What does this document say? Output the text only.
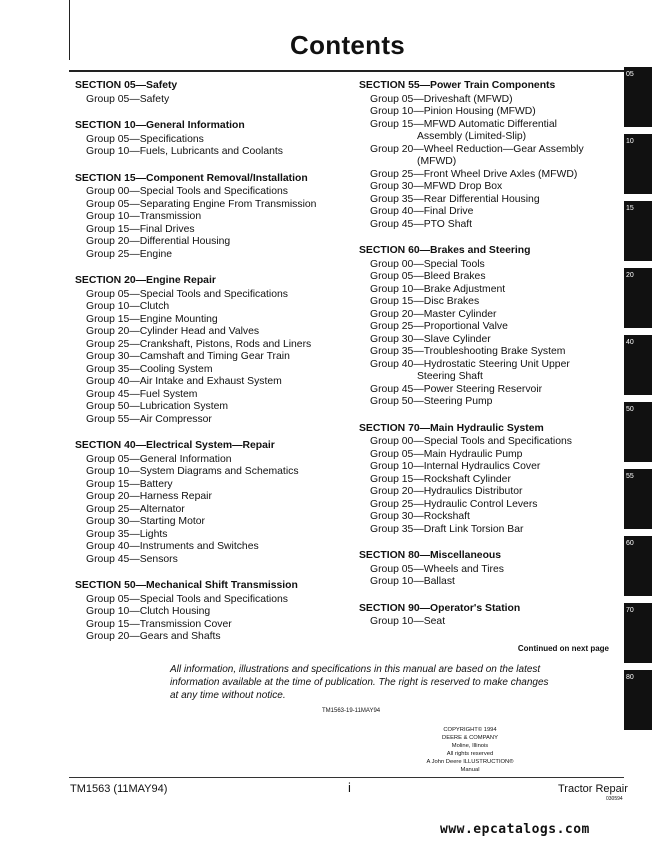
Contents
SECTION 05—Safety
Group 05—Safety
SECTION 10—General Information
Group 05—Specifications
Group 10—Fuels, Lubricants and Coolants
SECTION 15—Component Removal/Installation
Group 00—Special Tools and Specifications
Group 05—Separating Engine From Transmission
Group 10—Transmission
Group 15—Final Drives
Group 20—Differential Housing
Group 25—Engine
SECTION 20—Engine Repair
Group 05—Special Tools and Specifications
Group 10—Clutch
Group 15—Engine Mounting
Group 20—Cylinder Head and Valves
Group 25—Crankshaft, Pistons, Rods and Liners
Group 30—Camshaft and Timing Gear Train
Group 35—Cooling System
Group 40—Air Intake and Exhaust System
Group 45—Fuel System
Group 50—Lubrication System
Group 55—Air Compressor
SECTION 40—Electrical System—Repair
Group 05—General Information
Group 10—System Diagrams and Schematics
Group 15—Battery
Group 20—Harness Repair
Group 25—Alternator
Group 30—Starting Motor
Group 35—Lights
Group 40—Instruments and Switches
Group 45—Sensors
SECTION 50—Mechanical Shift Transmission
Group 05—Special Tools and Specifications
Group 10—Clutch Housing
Group 15—Transmission Cover
Group 20—Gears and Shafts
SECTION 55—Power Train Components
Group 05—Driveshaft (MFWD)
Group 10—Pinion Housing (MFWD)
Group 15—MFWD Automatic Differential
Assembly (Limited-Slip)
Group 20—Wheel Reduction—Gear Assembly
(MFWD)
Group 25—Front Wheel Drive Axles (MFWD)
Group 30—MFWD Drop Box
Group 35—Rear Differential Housing
Group 40—Final Drive
Group 45—PTO Shaft
SECTION 60—Brakes and Steering
Group 00—Special Tools
Group 05—Bleed Brakes
Group 10—Brake Adjustment
Group 15—Disc Brakes
Group 20—Master Cylinder
Group 25—Proportional Valve
Group 30—Slave Cylinder
Group 35—Troubleshooting Brake System
Group 40—Hydrostatic Steering Unit Upper
Steering Shaft
Group 45—Power Steering Reservoir
Group 50—Steering Pump
SECTION 70—Main Hydraulic System
Group 00—Special Tools and Specifications
Group 05—Main Hydraulic Pump
Group 10—Internal Hydraulics Cover
Group 15—Rockshaft Cylinder
Group 20—Hydraulics Distributor
Group 25—Hydraulic Control Levers
Group 30—Rockshaft
Group 35—Draft Link Torsion Bar
SECTION 80—Miscellaneous
Group 05—Wheels and Tires
Group 10—Ballast
SECTION 90—Operator's Station
Group 10—Seat
Continued on next page
All information, illustrations and specifications in this manual are based on the latest information available at the time of publication. The right is reserved to make changes at any time without notice.
TM1563-19-11MAY94
COPYRIGHT© 1994
DEERE & COMPANY
Moline, Illinois
All rights reserved
A John Deere ILLUSTRUCTION® Manual
TM1563 (11MAY94)	i	Tractor Repair
030594
www.epcatalogs.com
05
10
15
20
40
50
55
60
70
80
